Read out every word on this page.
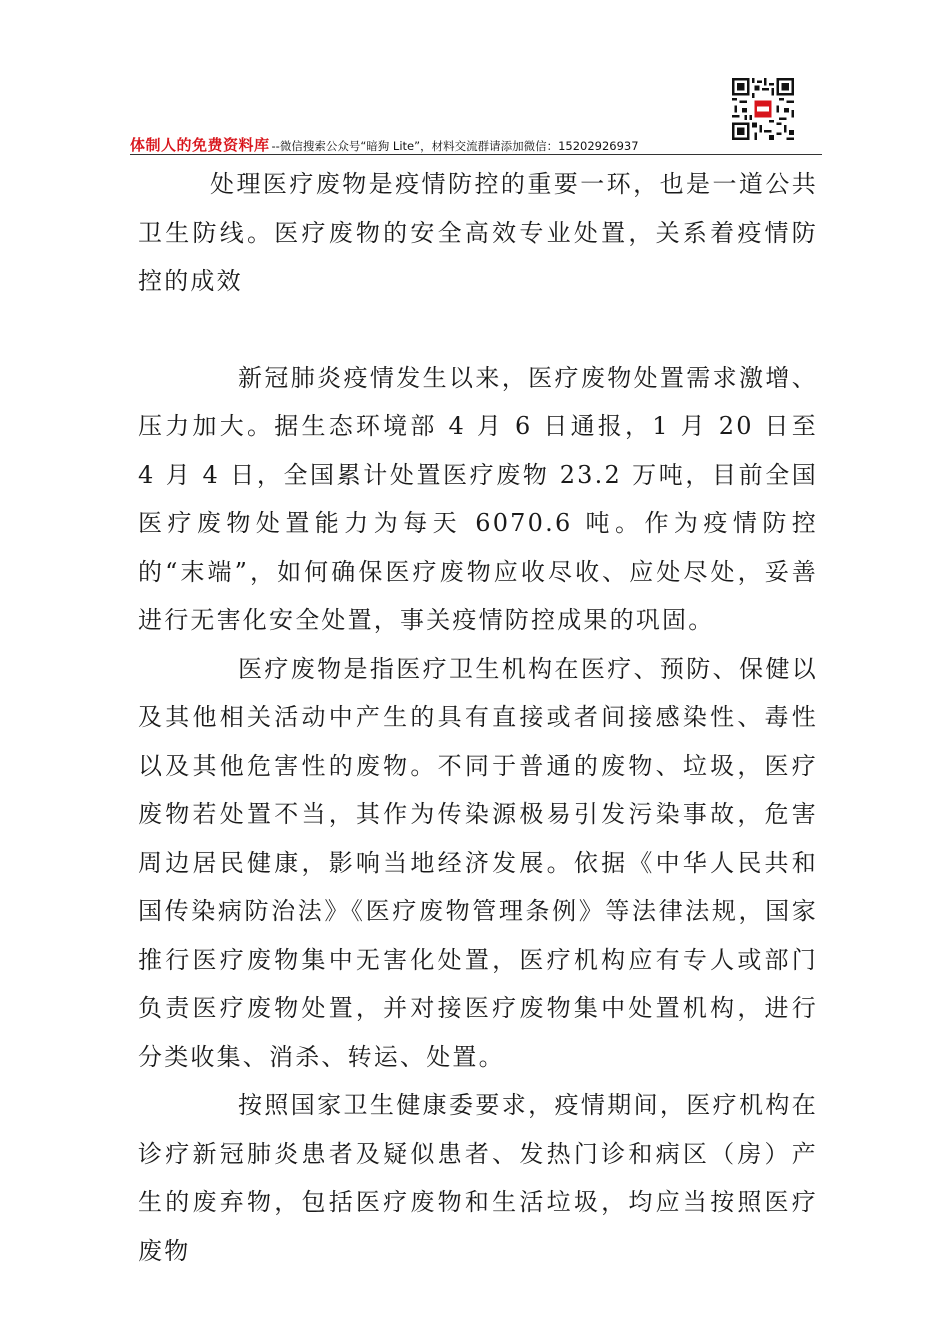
体制人的免费资料库 --微信搜索公众号“暗狗 Lite”，材料交流群请添加微信：15202926937

处理医疗废物是疫情防控的重要一环，也是一道公共卫生防线。医疗废物的安全高效专业处置，关系着疫情防控的成效

新冠肺炎疫情发生以来，医疗废物处置需求激增、压力加大。据生态环境部 4 月 6 日通报，1 月 20 日至 4 月 4 日，全国累计处置医疗废物 23.2 万吨，目前全国医疗废物处置能力为每天 6070.6 吨。作为疫情防控的“末端”，如何确保医疗废物应收尽收、应处尽处，妥善进行无害化安全处置，事关疫情防控成果的巩固。

医疗废物是指医疗卫生机构在医疗、预防、保健以及其他相关活动中产生的具有直接或者间接感染性、毒性以及其他危害性的废物。不同于普通的废物、垃圾，医疗废物若处置不当，其作为传染源极易引发污染事故，危害周边居民健康，影响当地经济发展。依据《中华人民共和国传染病防治法》《医疗废物管理条例》等法律法规，国家推行医疗废物集中无害化处置，医疗机构应有专人或部门负责医疗废物处置，并对接医疗废物集中处置机构，进行分类收集、消杀、转运、处置。

按照国家卫生健康委要求，疫情期间，医疗机构在诊疗新冠肺炎患者及疑似患者、发热门诊和病区（房）产生的废弃物，包括医疗废物和生活垃圾，均应当按照医疗废物
